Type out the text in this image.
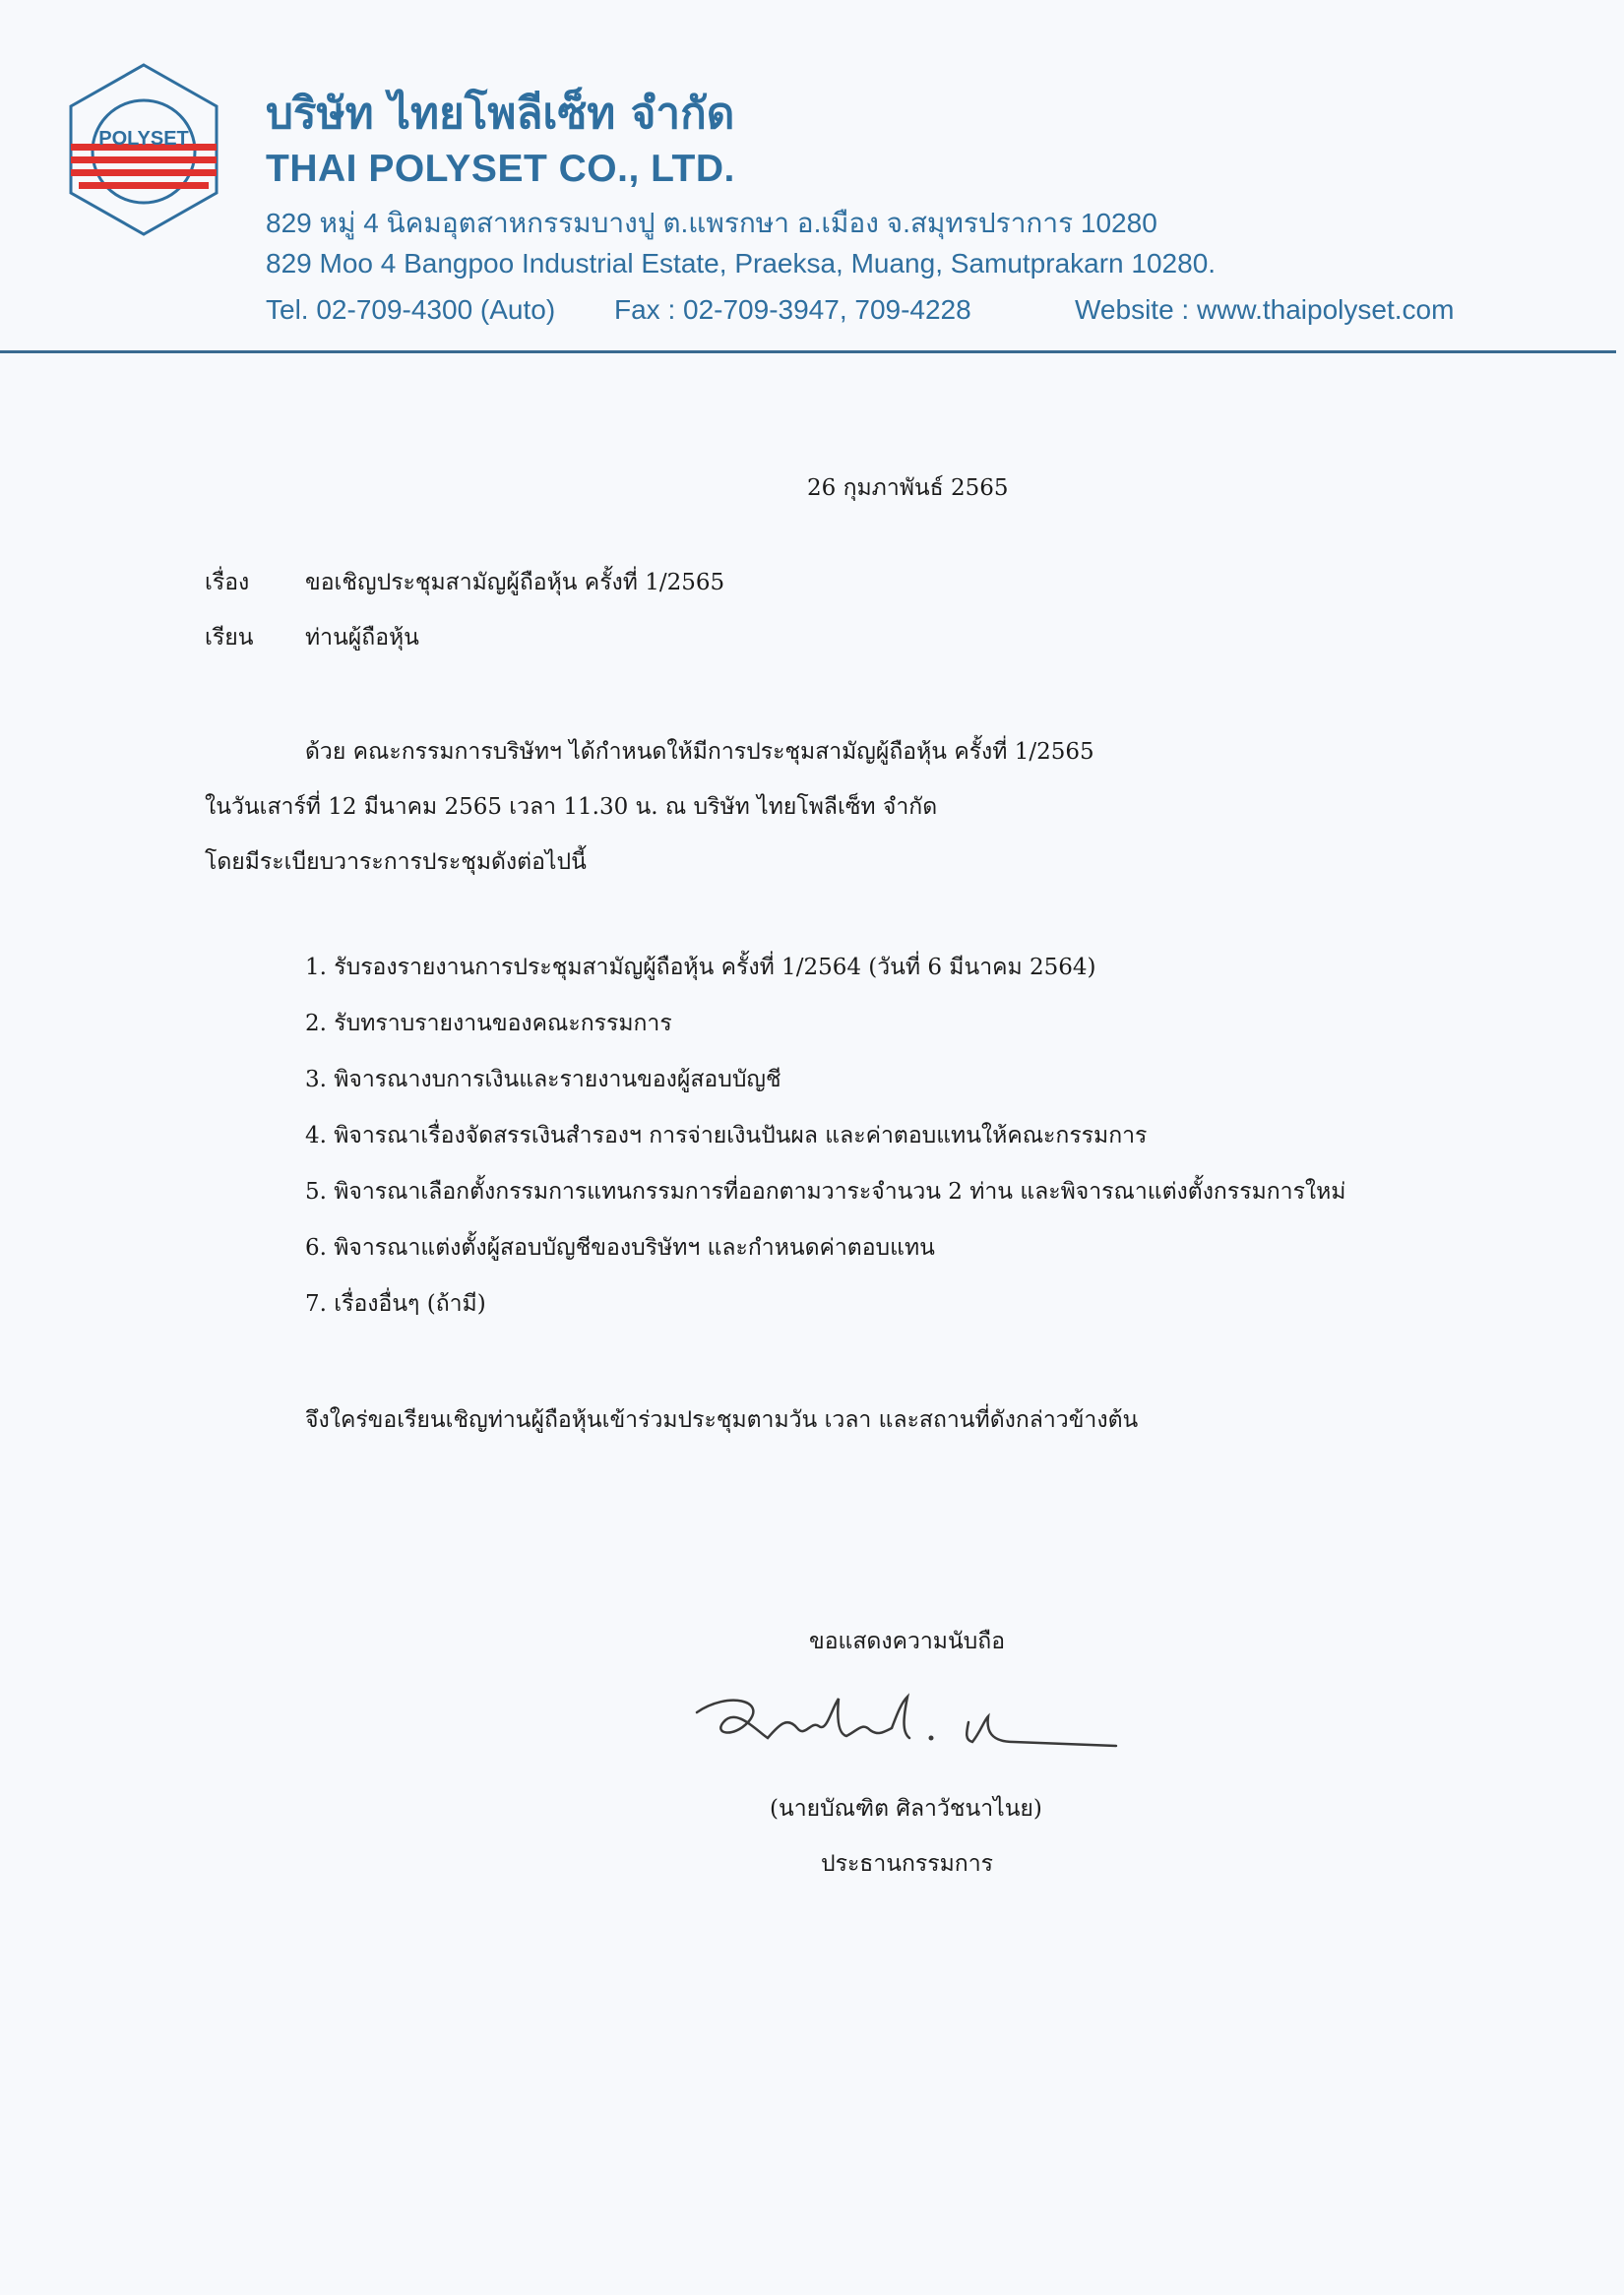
POLYSET บริษัท ไทยโพลีเซ็ท จำกัด
THAI POLYSET CO., LTD.
829 หมู่ 4 นิคมอุตสาหกรรมบางปู ต.แพรกษา อ.เมือง จ.สมุทรปราการ 10280
829 Moo 4 Bangpoo Industrial Estate, Praeksa, Muang, Samutprakarn 10280.
Tel. 02-709-4300 (Auto) Fax : 02-709-3947, 709-4228	Website : www.thaipolyset.com
26 กุมภาพันธ์ 2565
เรื่อง ขอเชิญประชุมสามัญผู้ถือหุ้น ครั้งที่ 1/2565
เรียน ท่านผู้ถือหุ้น
ด้วย คณะกรรมการบริษัทฯ ได้กำหนดให้มีการประชุมสามัญผู้ถือหุ้น ครั้งที่ 1/2565
ในวันเสาร์ที่ 12 มีนาคม 2565 เวลา 11.30 น. ณ บริษัท ไทยโพลีเซ็ท จำกัด
โดยมีระเบียบวาระการประชุมดังต่อไปนี้
1. รับรองรายงานการประชุมสามัญผู้ถือหุ้น ครั้งที่ 1/2564 (วันที่ 6 มีนาคม 2564)
2. รับทราบรายงานของคณะกรรมการ
3. พิจารณางบการเงินและรายงานของผู้สอบบัญชี
4. พิจารณาเรื่องจัดสรรเงินสำรองฯ การจ่ายเงินปันผล และค่าตอบแทนให้คณะกรรมการ
5. พิจารณาเลือกตั้งกรรมการแทนกรรมการที่ออกตามวาระจำนวน 2 ท่าน และพิจารณาแต่งตั้งกรรมการใหม่
6. พิจารณาแต่งตั้งผู้สอบบัญชีของบริษัทฯ และกำหนดค่าตอบแทน
7. เรื่องอื่นๆ (ถ้ามี)
จึงใคร่ขอเรียนเชิญท่านผู้ถือหุ้นเข้าร่วมประชุมตามวัน เวลา และสถานที่ดังกล่าวข้างต้น
ขอแสดงความนับถือ
(นายบัณฑิต ศิลาวัชนาไนย)
ประธานกรรมการ
